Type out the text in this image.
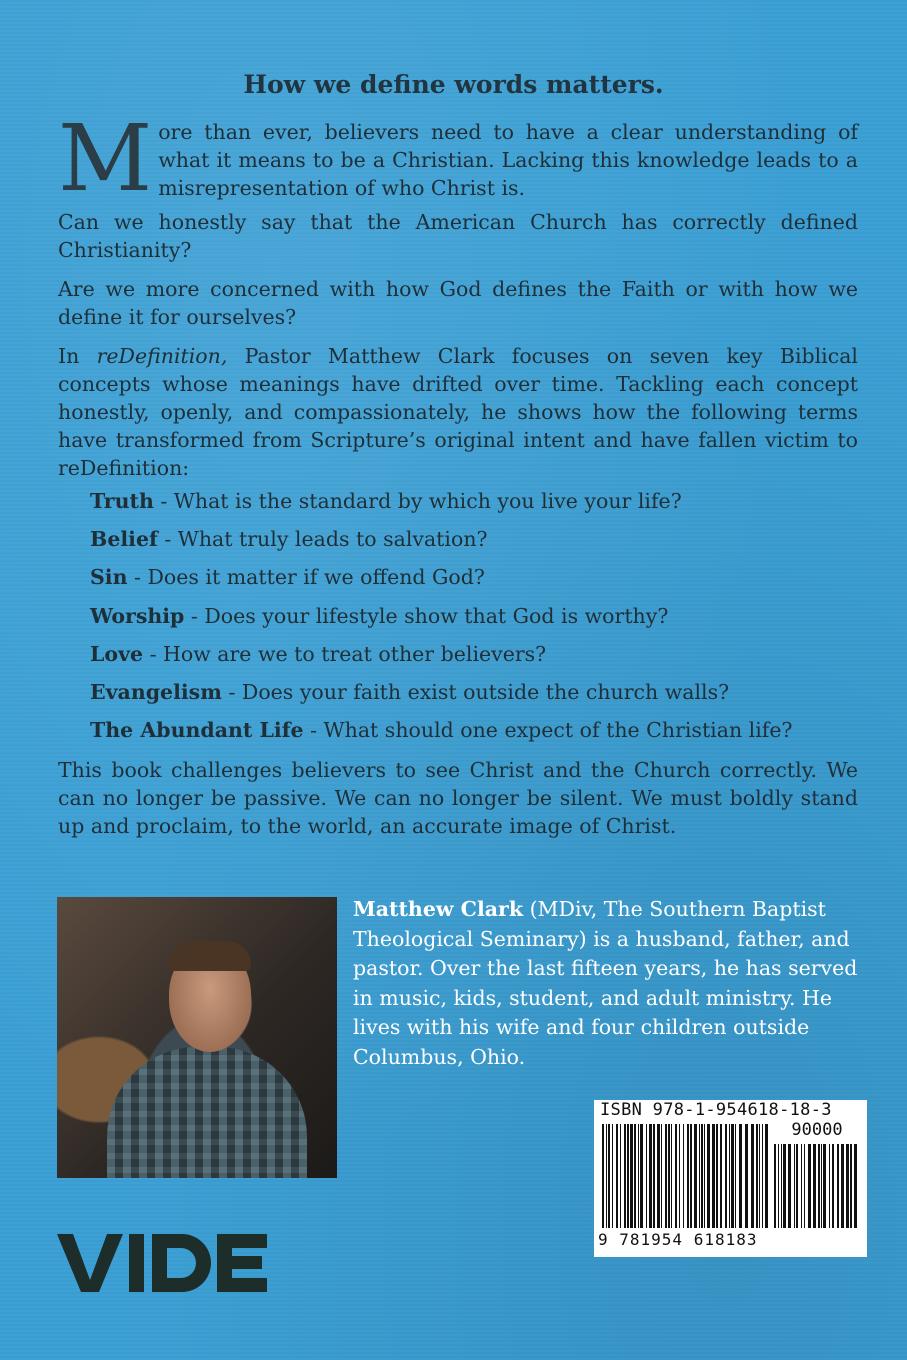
How we define words matters.

More than ever, believers need to have a clear understanding of what it means to be a Christian. Lacking this knowledge leads to a misrepresentation of who Christ is.

Can we honestly say that the American Church has correctly defined Christianity?

Are we more concerned with how God defines the Faith or with how we define it for ourselves?

In reDefinition, Pastor Matthew Clark focuses on seven key Biblical concepts whose meanings have drifted over time. Tackling each concept honestly, openly, and compassionately, he shows how the following terms have transformed from Scripture’s original intent and have fallen victim to reDefinition:

Truth - What is the standard by which you live your life?
Belief - What truly leads to salvation?
Sin - Does it matter if we offend God?
Worship - Does your lifestyle show that God is worthy?
Love - How are we to treat other believers?
Evangelism - Does your faith exist outside the church walls?
The Abundant Life - What should one expect of the Christian life?

This book challenges believers to see Christ and the Church correctly. We can no longer be passive. We can no longer be silent. We must boldly stand up and proclaim, to the world, an accurate image of Christ.

Matthew Clark (MDiv, The Southern Baptist Theological Seminary) is a husband, father, and pastor. Over the last fifteen years, he has served in music, kids, student, and adult ministry. He lives with his wife and four children outside Columbus, Ohio.

ISBN 978-1-954618-18-3

90000

9 781954 618183
